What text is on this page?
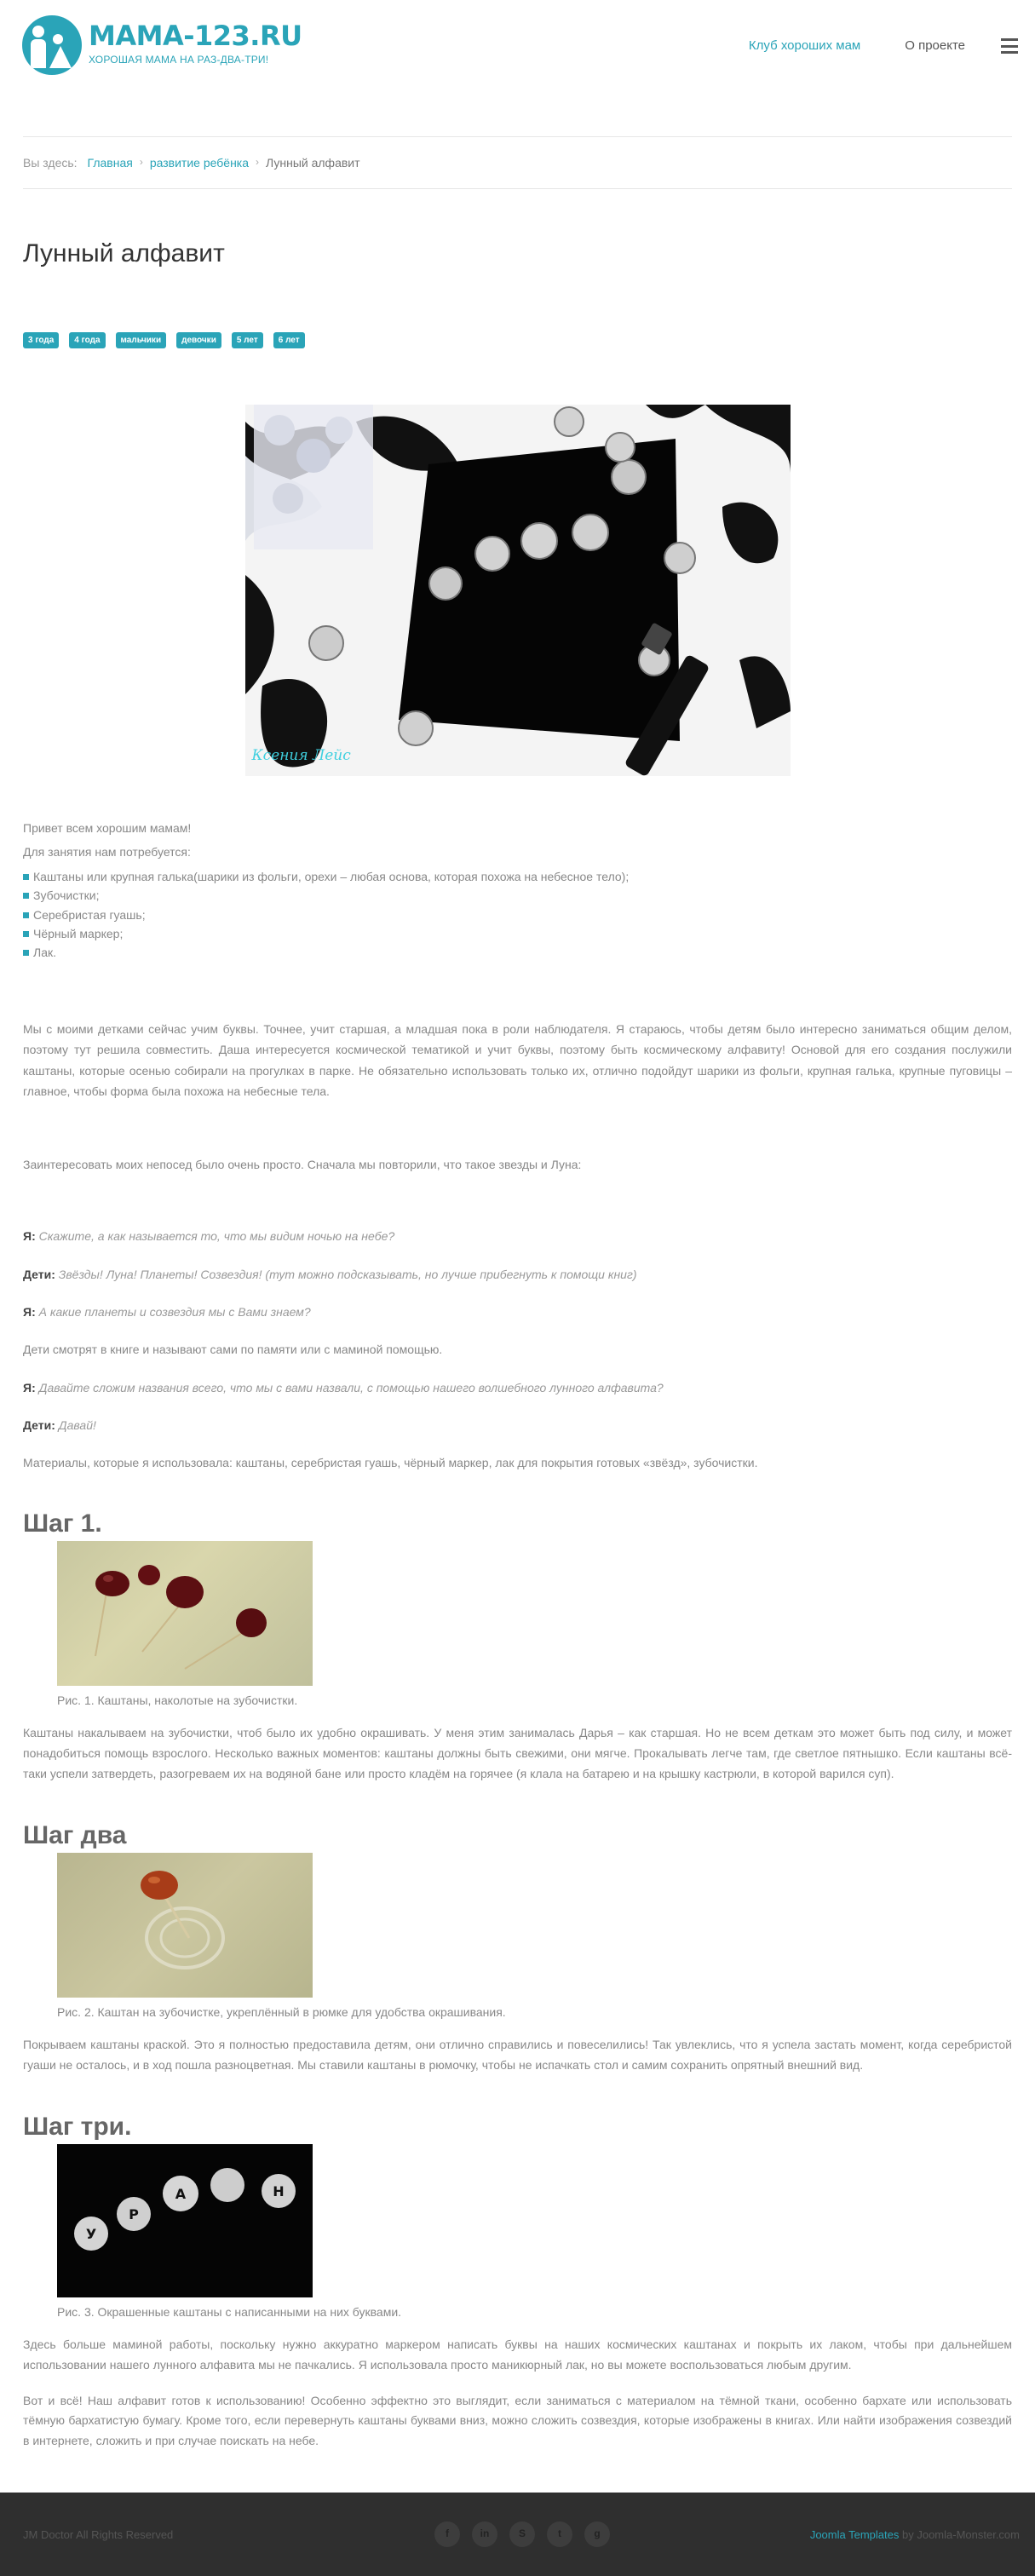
MAMA-123.RU
ХОРОШАЯ МАМА НА РАЗ-ДВА-ТРИ!
Клуб хороших мам	О проекте
Вы здесь: Главная › развитие ребёнка › Лунный алфавит
Лунный алфавит
3 года	4 года	мальчики	девочки	5 лет	6 лет
Ксения Лейс

Привет всем хорошим мамам!

Для занятия нам потребуется:

Каштаны или крупная галька(шарики из фольги, орехи – любая основа, которая похожа на небесное тело);
Зубочистки;
Серебристая гуашь;
Чёрный маркер;
Лак.

Мы с моими детками сейчас учим буквы. Точнее, учит старшая, а младшая пока в роли наблюдателя. Я стараюсь, чтобы детям было интересно заниматься общим делом, поэтому тут решила совместить. Даша интересуется космической тематикой и учит буквы, поэтому быть космическому алфавиту! Основой для его создания послужили каштаны, которые осенью собирали на прогулках в парке. Не обязательно использовать только их, отлично подойдут шарики из фольги, крупная галька, крупные пуговицы – главное, чтобы форма была похожа на небесные тела.

Заинтересовать моих непосед было очень просто. Сначала мы повторили, что такое звезды и Луна:

Я: Скажите, а как называется то, что мы видим ночью на небе?

Дети: Звёзды! Луна! Планеты! Созвездия! (тут можно подсказывать, но лучше прибегнуть к помощи книг)

Я: А какие планеты и созвездия мы с Вами знаем?

Дети смотрят в книге и называют сами по памяти или с маминой помощью.

Я: Давайте сложим названия всего, что мы с вами назвали, с помощью нашего волшебного лунного алфавита?

Дети: Давай!

Материалы, которые я использовала: каштаны, серебристая гуашь, чёрный маркер, лак для покрытия готовых «звёзд», зубочистки.

Шаг 1.
Рис. 1. Каштаны, наколотые на зубочистки.

Каштаны накалываем на зубочистки, чтоб было их удобно окрашивать. У меня этим занималась Дарья – как старшая. Но не всем деткам это может быть под силу, и может понадобиться помощь взрослого. Несколько важных моментов: каштаны должны быть свежими, они мягче. Прокалывать легче там, где светлое пятнышко. Если каштаны всё-таки успели затвердеть, разогреваем их на водяной бане или просто кладём на горячее (я клала на батарею и на крышку кастрюли, в которой варился суп).

Шаг два
Рис. 2. Каштан на зубочистке, укреплённый в рюмке для удобства окрашивания.

Покрываем каштаны краской. Это я полностью предоставила детям, они отлично справились и повеселились! Так увлеклись, что я успела застать момент, когда серебристой гуаши не осталось, и в ход пошла разноцветная. Мы ставили каштаны в рюмочку, чтобы не испачкать стол и самим сохранить опрятный внешний вид.

Шаг три.
У
Р
А	Н
Рис. 3. Окрашенные каштаны с написанными на них буквами.

Здесь больше маминой работы, поскольку нужно аккуратно маркером написать буквы на наших космических каштанах и покрыть их лаком, чтобы при дальнейшем использовании нашего лунного алфавита мы не пачкались. Я использовала просто маникюрный лак, но вы можете воспользоваться любым другим.

Вот и всё! Наш алфавит готов к использованию! Особенно эффектно это выглядит, если заниматься с материалом на тёмной ткани, особенно бархате или использовать тёмную бархатистую бумагу. Кроме того, если перевернуть каштаны буквами вниз, можно сложить созвездия, которые изображены в книгах. Или найти изображения созвездий в интернете, сложить и при случае поискать на небе.

JM Doctor All Rights Reserved	f	in	S	t	g	Joomla Templates by Joomla-Monster.com
